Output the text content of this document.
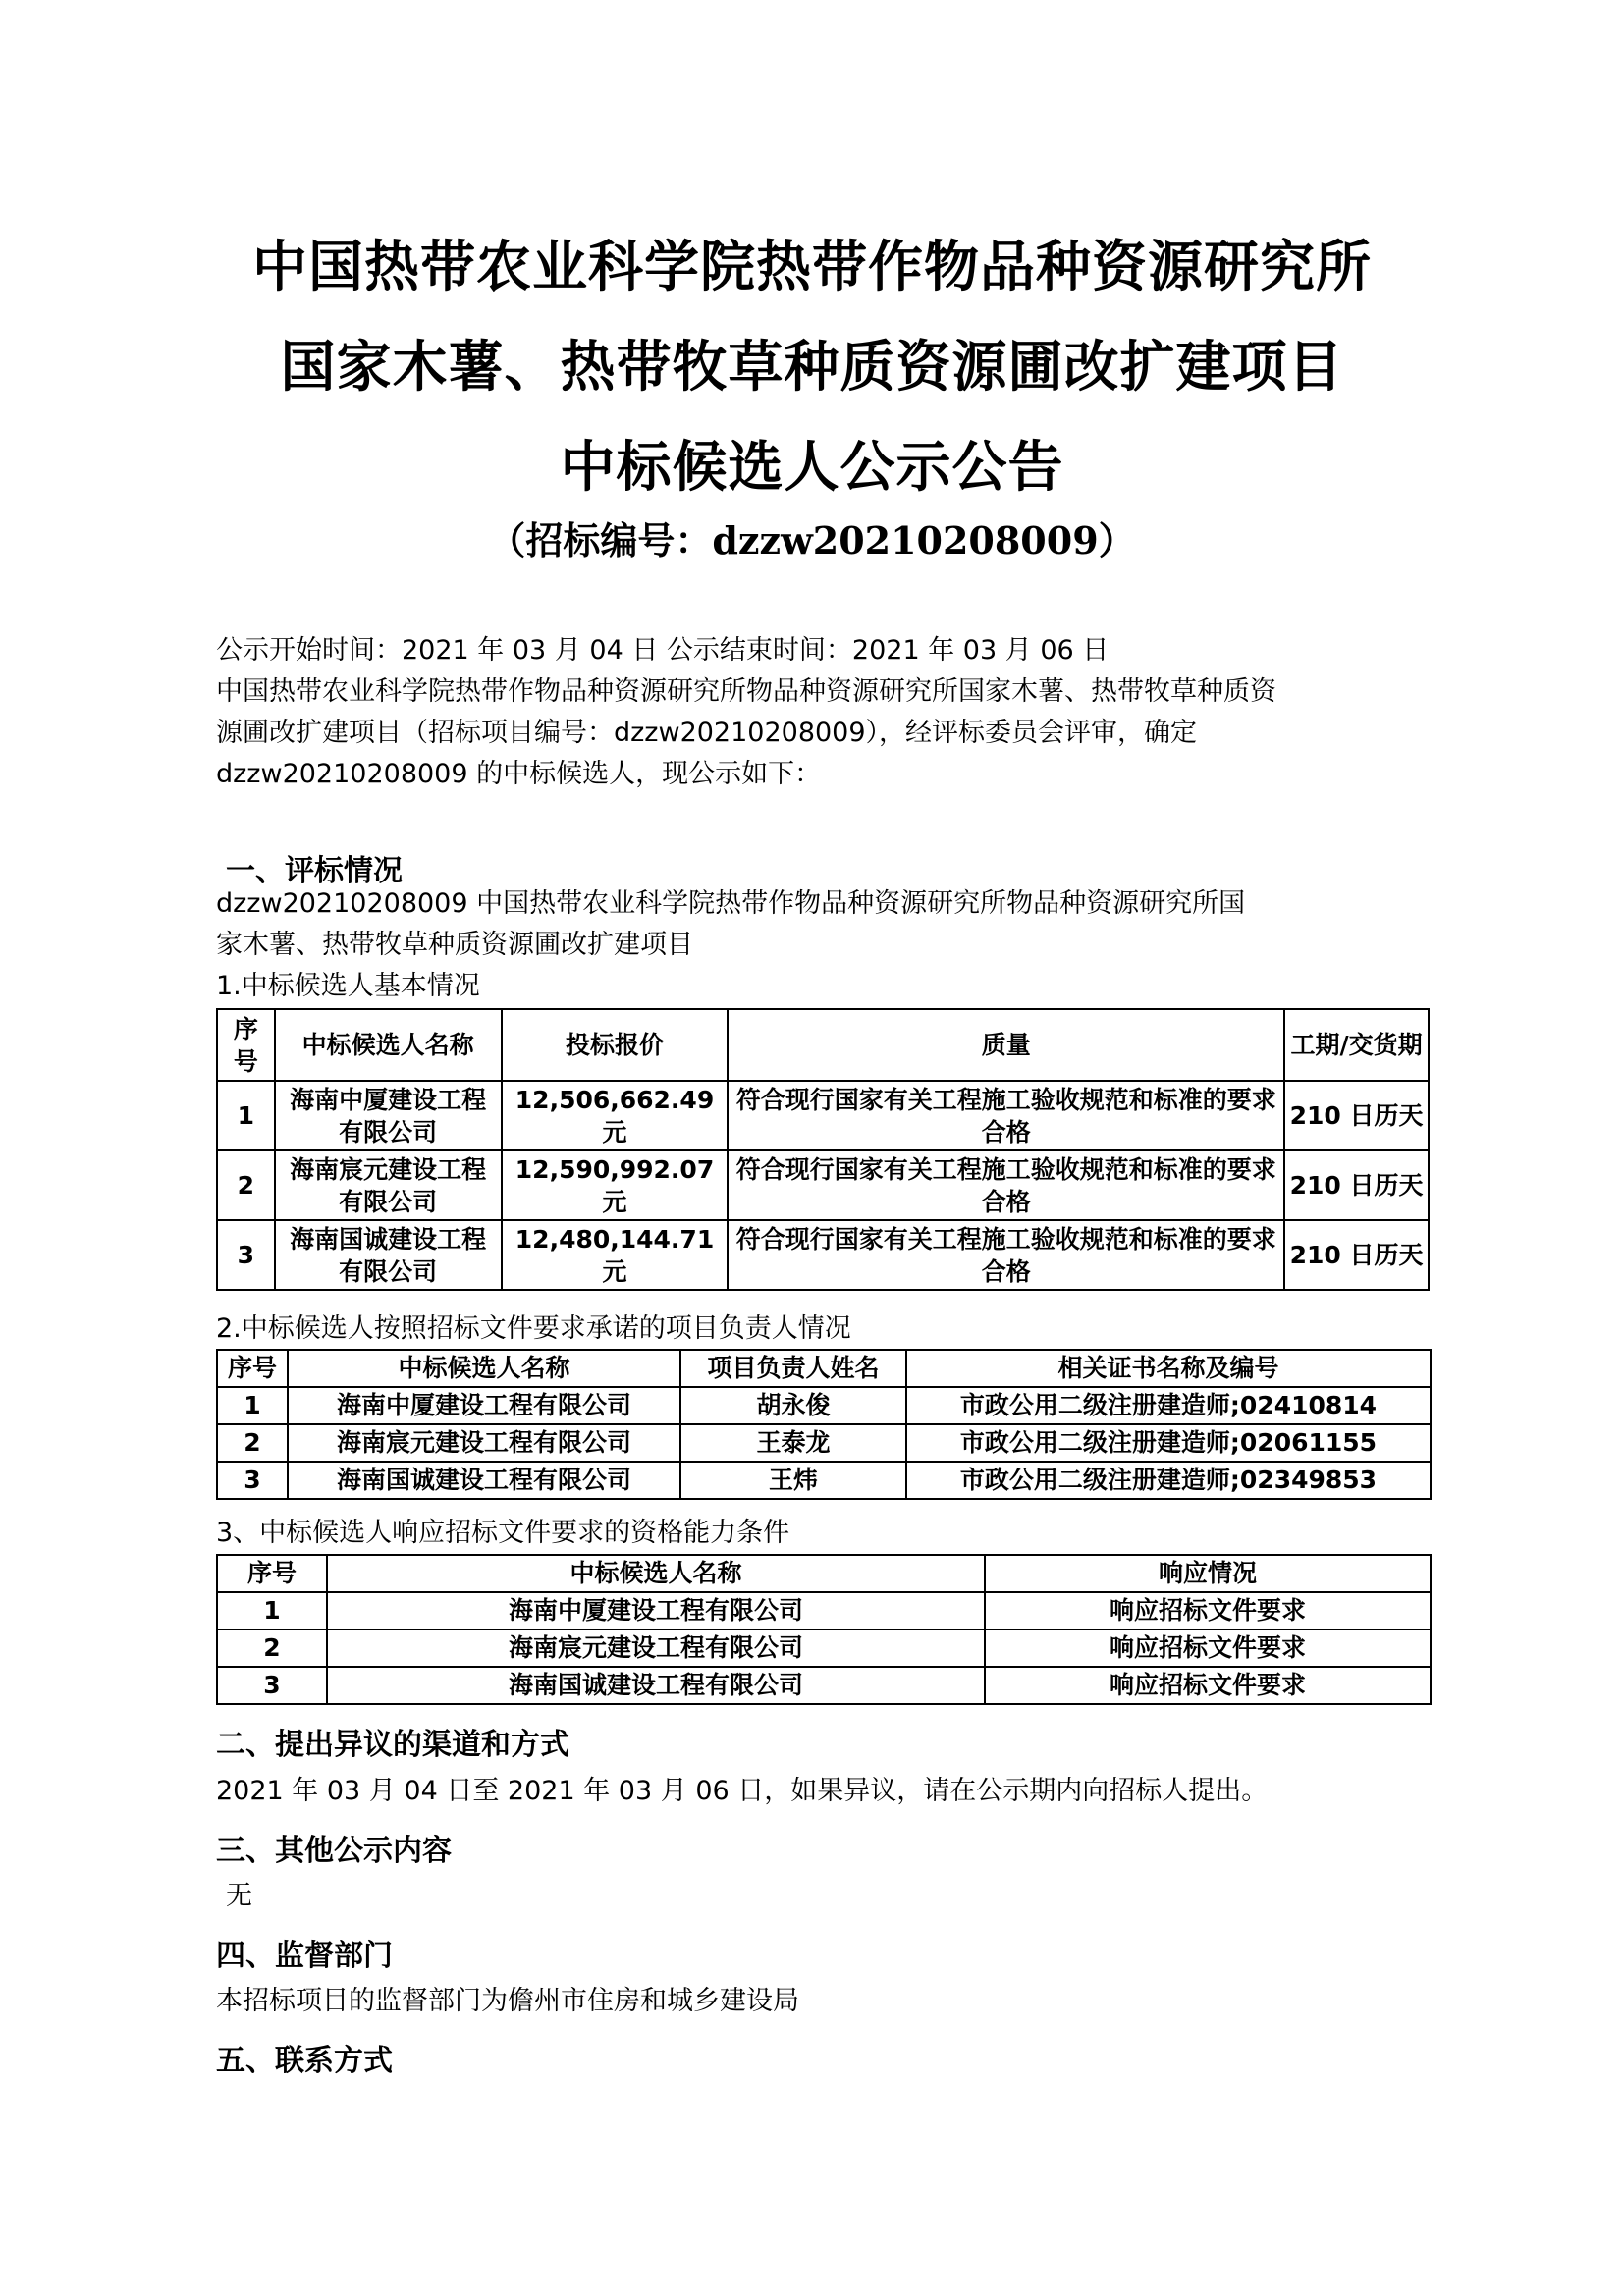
中国热带农业科学院热带作物品种资源研究所
国家木薯、热带牧草种质资源圃改扩建项目
中标候选人公示公告
（招标编号：dzzw20210208009）
公示开始时间：2021 年 03 月 04 日 公示结束时间：2021 年 03 月 06 日
中国热带农业科学院热带作物品种资源研究所物品种资源研究所国家木薯、热带牧草种质资
源圃改扩建项目（招标项目编号：dzzw20210208009），经评标委员会评审，确定
dzzw20210208009 的中标候选人，现公示如下：
一、评标情况
dzzw20210208009 中国热带农业科学院热带作物品种资源研究所物品种资源研究所国
家木薯、热带牧草种质资源圃改扩建项目
1.中标候选人基本情况
序号	中标候选人名称	投标报价	质量	工期/交货期
1	海南中厦建设工程有限公司	12,506,662.49元	符合现行国家有关工程施工验收规范和标准的要求合格	210 日历天
2	海南宸元建设工程有限公司	12,590,992.07元	符合现行国家有关工程施工验收规范和标准的要求合格	210 日历天
3	海南国诚建设工程有限公司	12,480,144.71元	符合现行国家有关工程施工验收规范和标准的要求合格	210 日历天
2.中标候选人按照招标文件要求承诺的项目负责人情况
序号	中标候选人名称	项目负责人姓名	相关证书名称及编号
1	海南中厦建设工程有限公司	胡永俊	市政公用二级注册建造师;02410814
2	海南宸元建设工程有限公司	王泰龙	市政公用二级注册建造师;02061155
3	海南国诚建设工程有限公司	王炜	市政公用二级注册建造师;02349853
3、中标候选人响应招标文件要求的资格能力条件
序号	中标候选人名称	响应情况
1	海南中厦建设工程有限公司	响应招标文件要求
2	海南宸元建设工程有限公司	响应招标文件要求
3	海南国诚建设工程有限公司	响应招标文件要求
二、提出异议的渠道和方式
2021 年 03 月 04 日至 2021 年 03 月 06 日，如果异议，请在公示期内向招标人提出。
三、其他公示内容
无
四、监督部门
本招标项目的监督部门为儋州市住房和城乡建设局
五、联系方式
